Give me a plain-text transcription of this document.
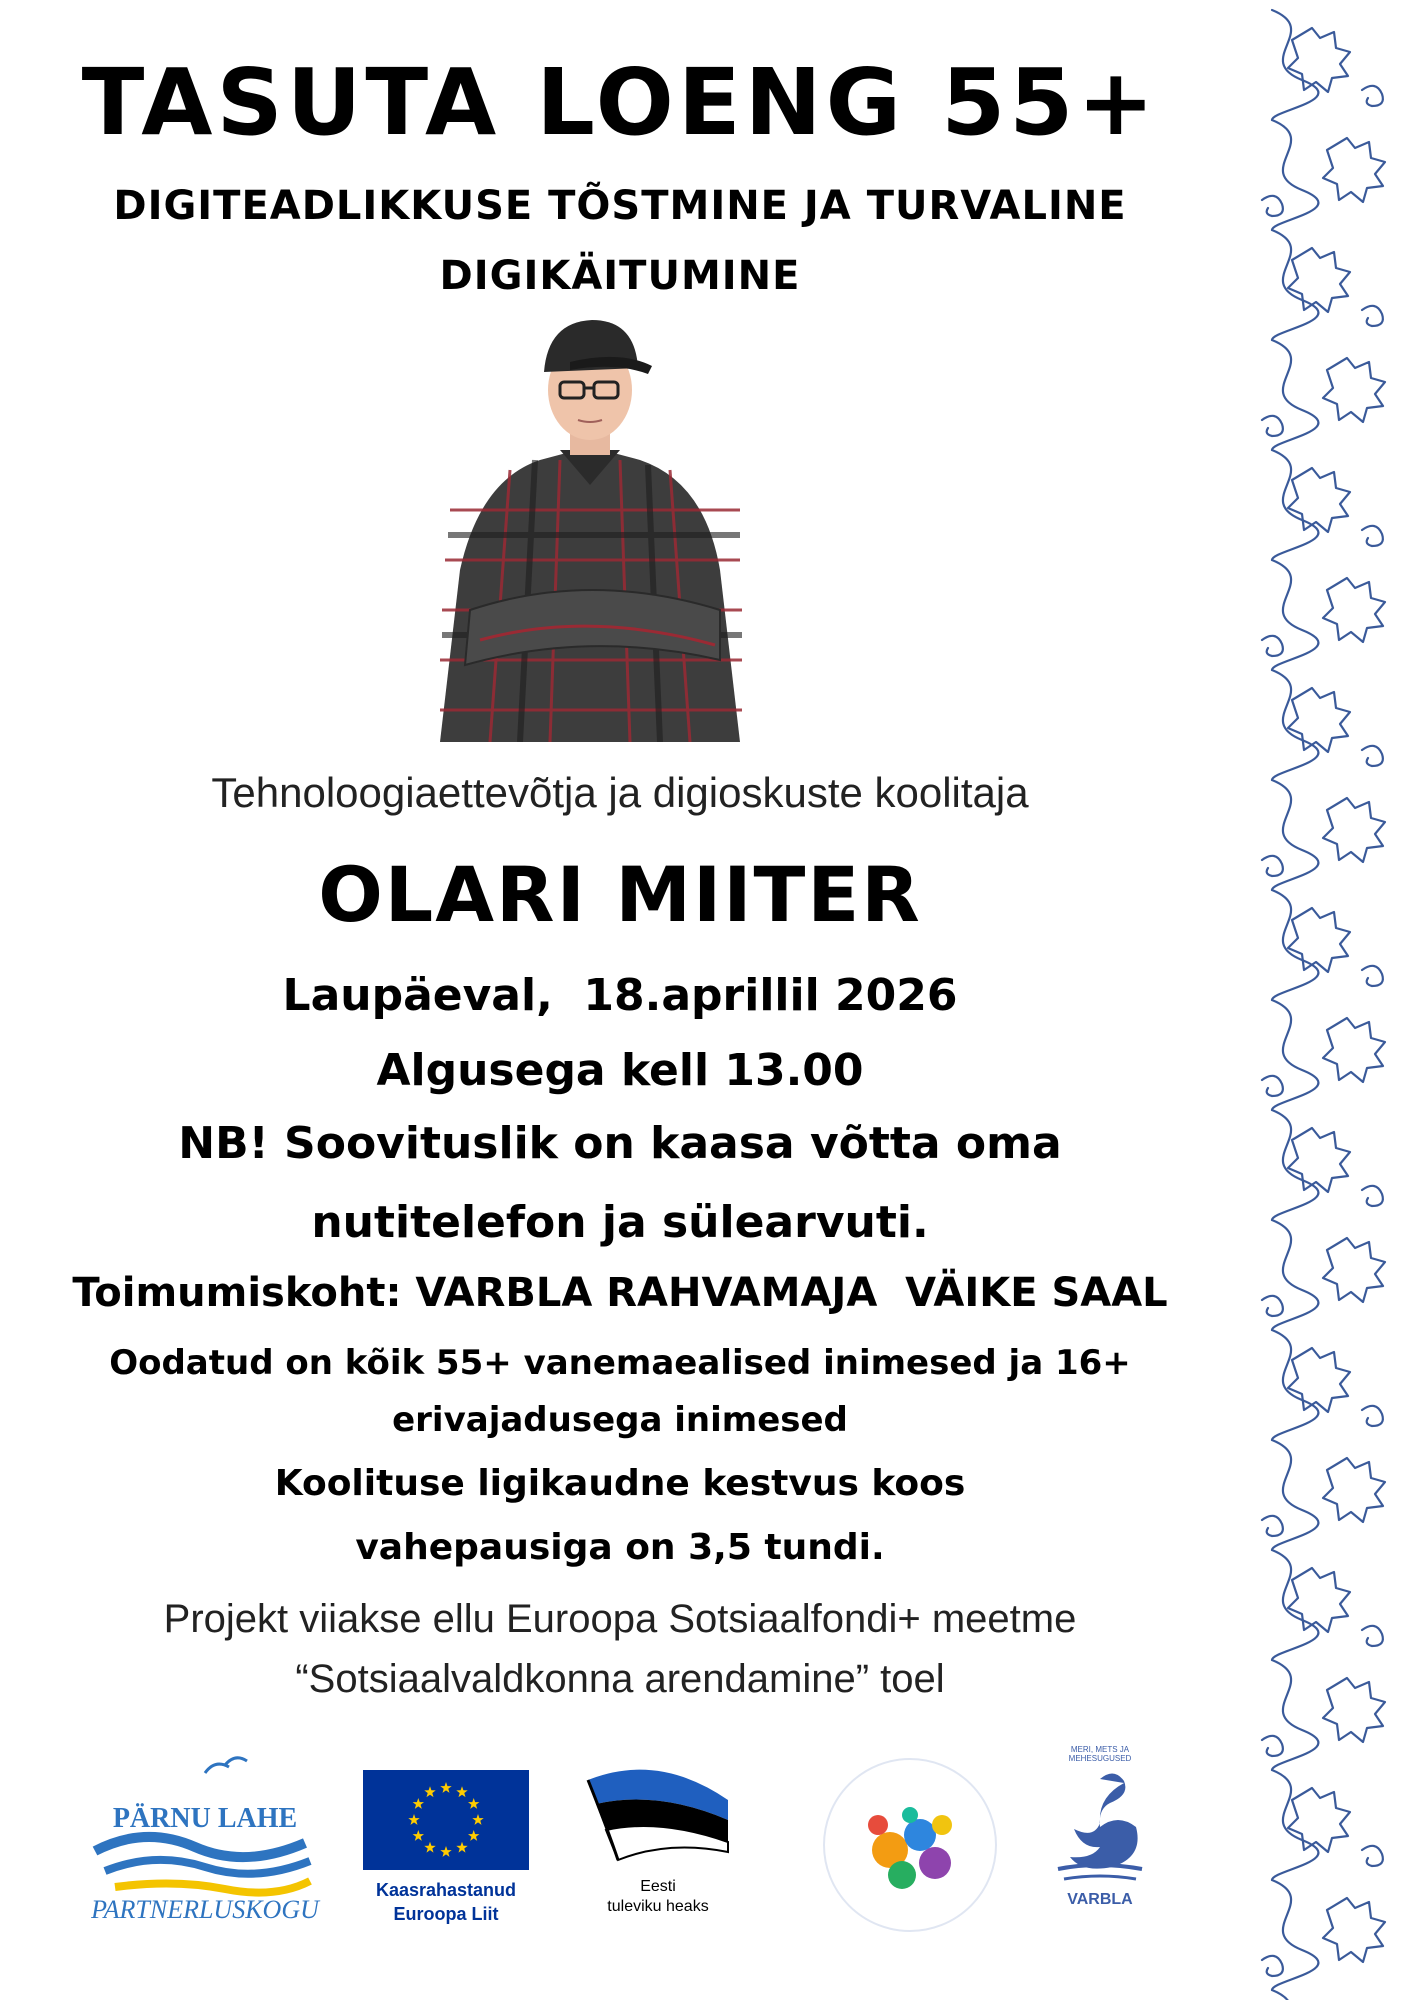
TASUTA LOENG 55+
DIGITEADLIKKUSE TÕSTMINE JA TURVALINE
DIGIKÄITUMINE
Tehnoloogiaettevõtja ja digioskuste koolitaja
OLARI MIITER
Laupäeval,  18.aprillil 2026
Algusega kell 13.00
NB! Soovituslik on kaasa võtta oma
nutitelefon ja sülearvuti.
Toimumiskoht: VARBLA RAHVAMAJA  VÄIKE SAAL
Oodatud on kõik 55+ vanemaealised inimesed ja 16+
erivajadusega inimesed
Koolituse ligikaudne kestvus koos
vahepausiga on 3,5 tundi.
Projekt viiakse ellu Euroopa Sotsiaalfondi+ meetme
“Sotsiaalvaldkonna arendamine” toel
PÄRNU LAHE
PARTNERLUSKOGU
Kaasrahastanud
Euroopa Liit
Eesti
tuleviku heaks
MERI, METS JA MEHESUGUSED
VARBLA
